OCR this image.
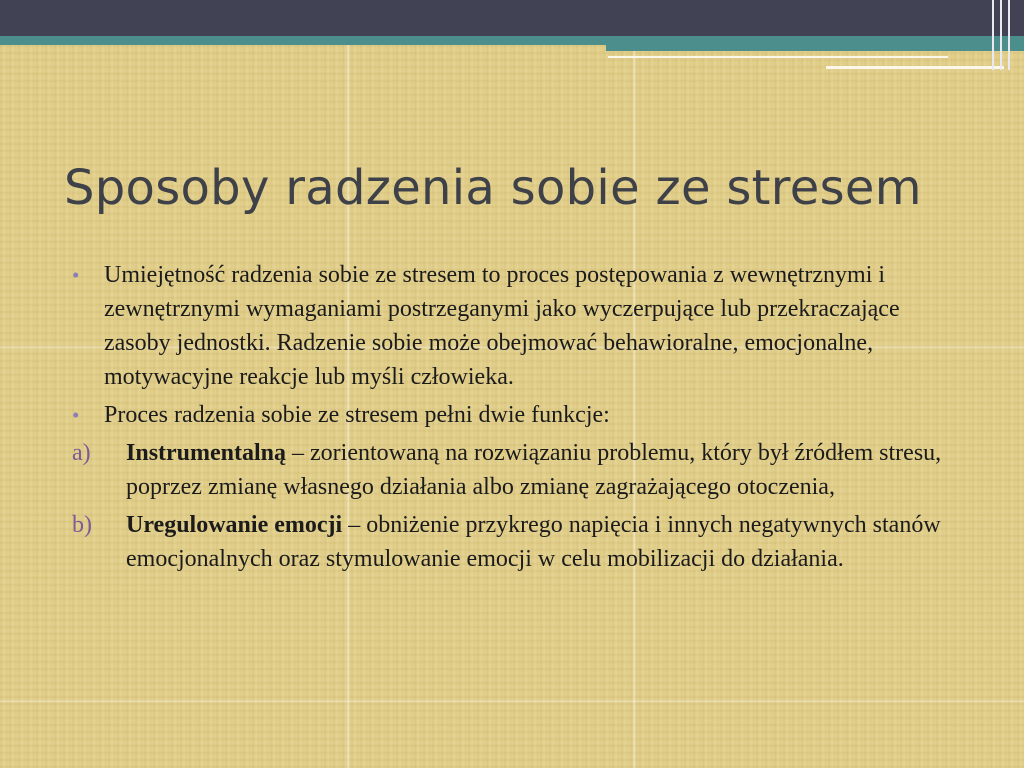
Sposoby radzenia sobie ze stresem
• Umiejętność radzenia sobie ze stresem to proces postępowania z wewnętrznymi i zewnętrznymi wymaganiami postrzeganymi jako wyczerpujące lub przekraczające zasoby jednostki. Radzenie sobie może obejmować behawioralne, emocjonalne, motywacyjne reakcje lub myśli człowieka.
• Proces radzenia sobie ze stresem pełni dwie funkcje:
a) Instrumentalną – zorientowaną na rozwiązaniu problemu, który był źródłem stresu, poprzez zmianę własnego działania albo zmianę zagrażającego otoczenia,
b) Uregulowanie emocji – obniżenie przykrego napięcia i innych negatywnych stanów emocjonalnych oraz stymulowanie emocji w celu mobilizacji do działania.
